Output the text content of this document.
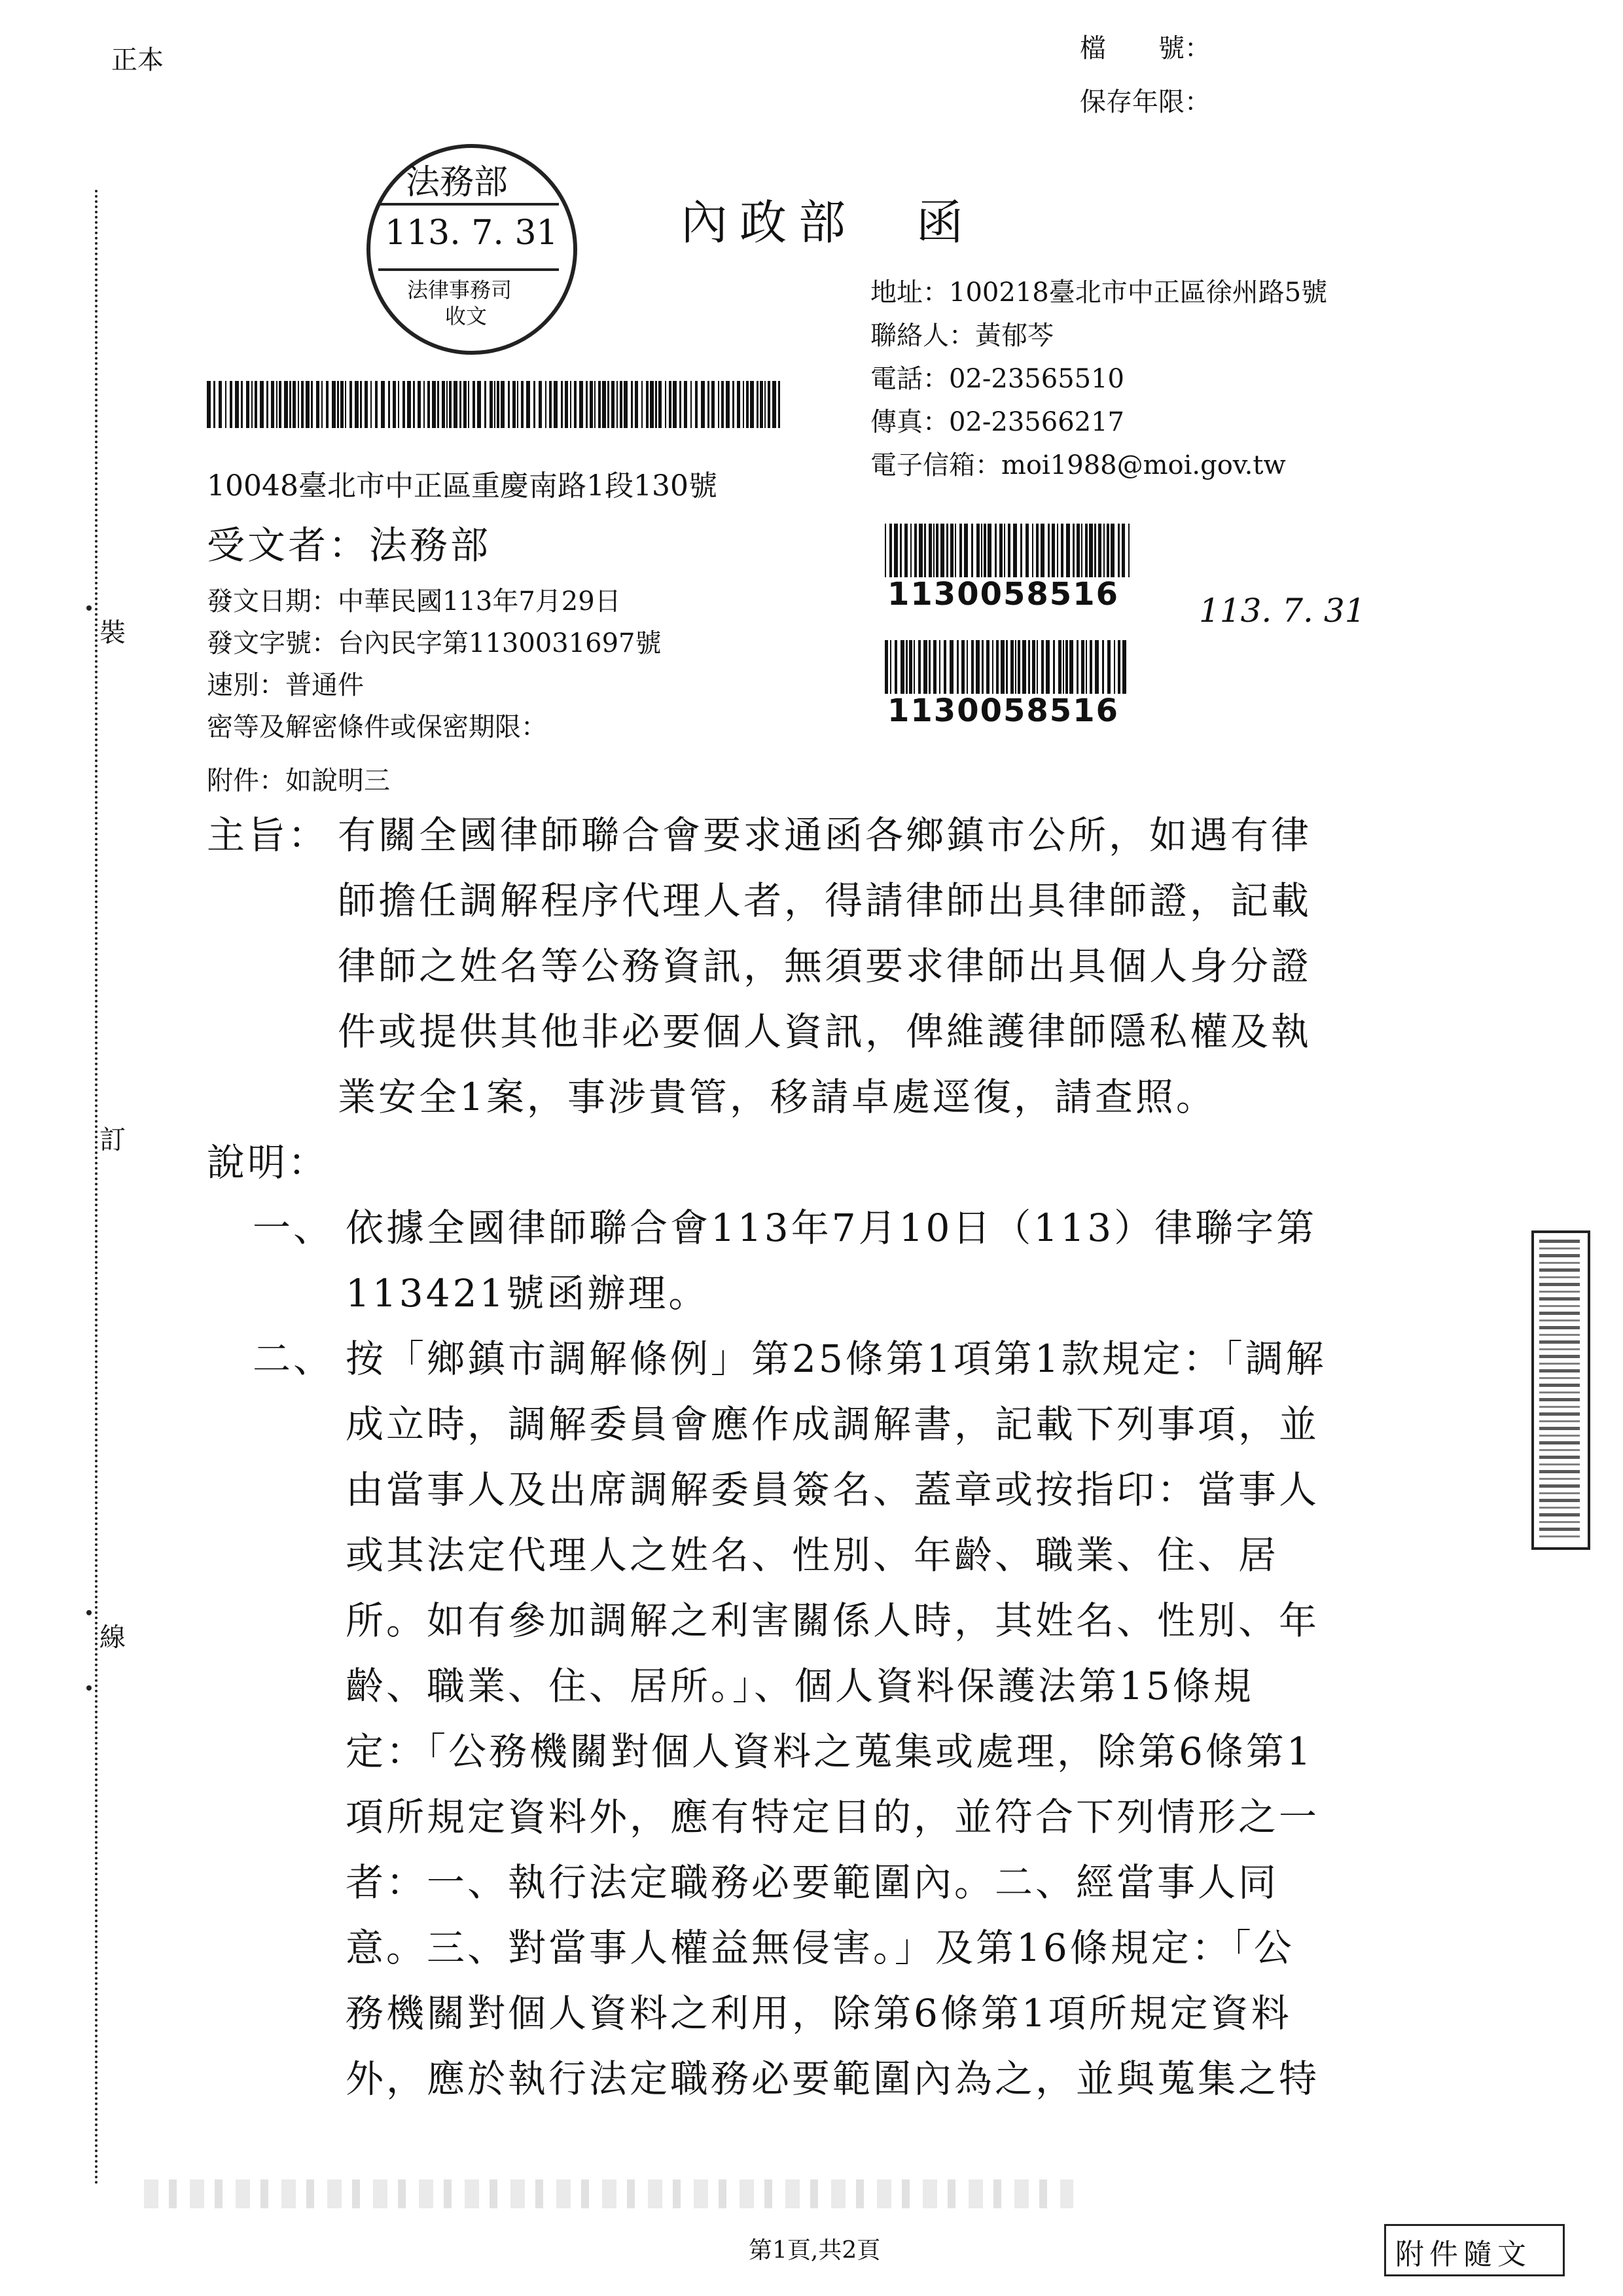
裝
訂
線
正本	檔　　號：
保存年限：
法務部
113. 7. 31
法律事務司
收文
內政部　函
地址：100218臺北市中正區徐州路5號
聯絡人：黃郁芩
電話：02-23565510
傳真：02-23566217
電子信箱：moi1988@moi.gov.tw
10048臺北市中正區重慶南路1段130號
受文者：法務部
發文日期：中華民國113年7月29日
發文字號：台內民字第1130031697號
速別：普通件
密等及解密條件或保密期限：
附件：如說明三
1130058516
1130058516
113. 7. 31
主旨： 有關全國律師聯合會要求通函各鄉鎮市公所，如遇有律
師擔任調解程序代理人者，得請律師出具律師證，記載
律師之姓名等公務資訊，無須要求律師出具個人身分證
件或提供其他非必要個人資訊，俾維護律師隱私權及執
業安全1案，事涉貴管，移請卓處逕復，請查照。
說明：
一、 依據全國律師聯合會113年7月10日（113）律聯字第
113421號函辦理。
二、 按「鄉鎮市調解條例」第25條第1項第1款規定：「調解
成立時，調解委員會應作成調解書，記載下列事項，並
由當事人及出席調解委員簽名、蓋章或按指印：當事人
或其法定代理人之姓名、性別、年齡、職業、住、居
所。如有參加調解之利害關係人時，其姓名、性別、年
齡、職業、住、居所。」、個人資料保護法第15條規
定：「公務機關對個人資料之蒐集或處理，除第6條第1
項所規定資料外，應有特定目的，並符合下列情形之一
者：一、執行法定職務必要範圍內。二、經當事人同
意。三、對當事人權益無侵害。」及第16條規定：「公
務機關對個人資料之利用，除第6條第1項所規定資料
外，應於執行法定職務必要範圍內為之，並與蒐集之特
第1頁,共2頁	附件隨文
